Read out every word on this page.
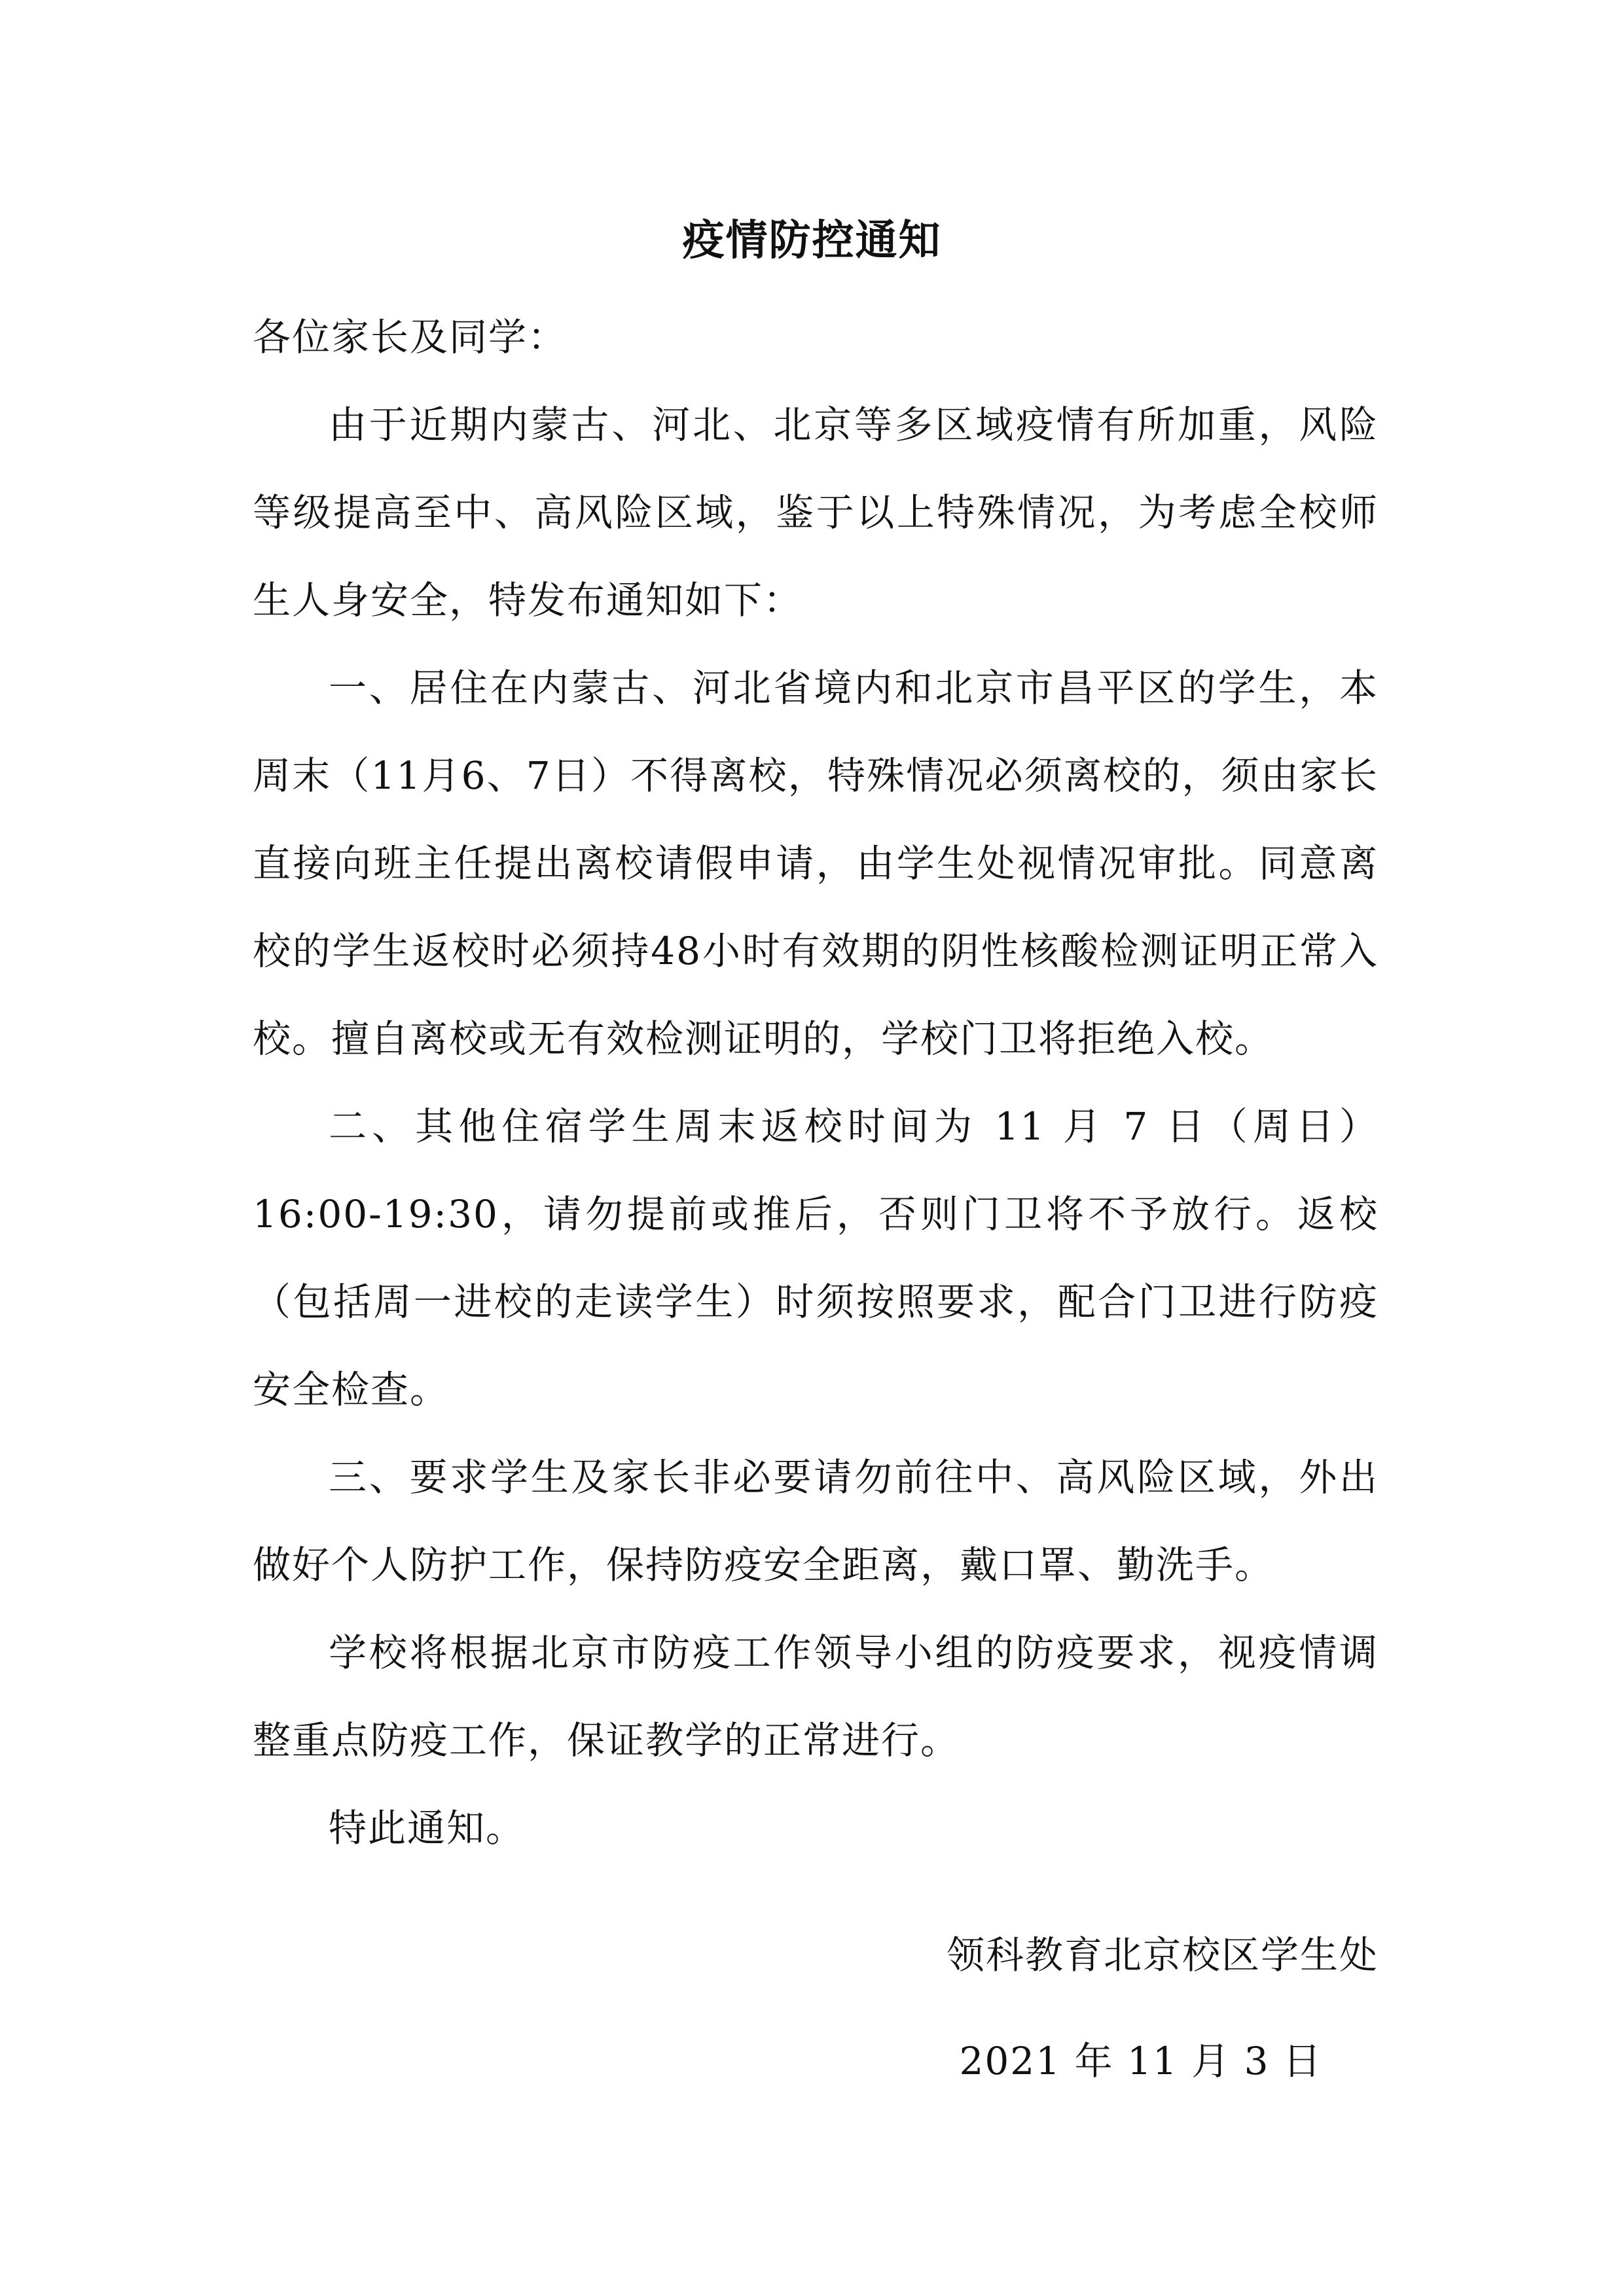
疫情防控通知

各位家长及同学：

由于近期内蒙古、河北、北京等多区域疫情有所加重，风险等级提高至中、高风险区域，鉴于以上特殊情况，为考虑全校师生人身安全，特发布通知如下：

一、居住在内蒙古、河北省境内和北京市昌平区的学生，本周末（11月6、7日）不得离校，特殊情况必须离校的，须由家长直接向班主任提出离校请假申请，由学生处视情况审批。同意离校的学生返校时必须持48小时有效期的阴性核酸检测证明正常入校。擅自离校或无有效检测证明的，学校门卫将拒绝入校。

二、其他住宿学生周末返校时间为 11 月 7 日（周日）16:00-19:30，请勿提前或推后，否则门卫将不予放行。返校（包括周一进校的走读学生）时须按照要求，配合门卫进行防疫安全检查。

三、要求学生及家长非必要请勿前往中、高风险区域，外出做好个人防护工作，保持防疫安全距离，戴口罩、勤洗手。

学校将根据北京市防疫工作领导小组的防疫要求，视疫情调整重点防疫工作，保证教学的正常进行。

特此通知。

领科教育北京校区学生处
2021 年 11 月 3 日
